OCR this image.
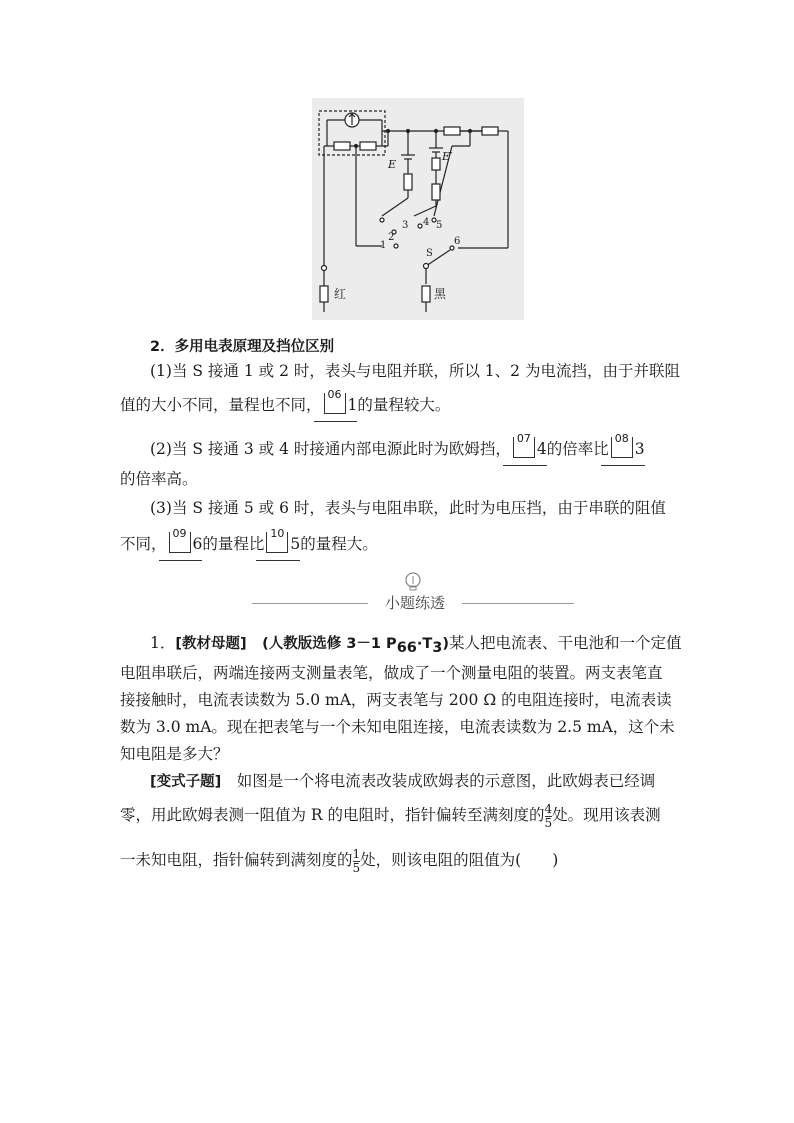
E
E′
1
2
3 4 5
6
S
红	黑
2．多用电表原理及挡位区别
(1)当 S 接通 1 或 2 时，表头与电阻并联，所以 1、2 为电流挡，由于并联阻
值的大小不同，量程也不同，
06
1的量程较大。
(2)当 S 接通 3 或 4 时接通内部电源此时为欧姆挡，
07
4的倍率比
08
3
的倍率高。
(3)当 S 接通 5 或 6 时，表头与电阻串联，此时为电压挡，由于串联的阻值
不同，
09
6的量程比
10
5的量程大。
小题练透
1．[教材母题]　 (人教版选修 3－1 $P_{66}\cdot T_3$)某人把电流表、干电池和一个定值
电阻串联后，两端连接两支测量表笔，做成了一个测量电阻的装置。两支表笔直
接接触时，电流表读数为 5.0 mA，两支表笔与 200 Ω 的电阻连接时，电流表读
数为 3.0 mA。现在把表笔与一个未知电阻连接，电流表读数为 2.5 mA，这个未
知电阻是多大？
[变式子题]　 如图是一个将电流表改装成欧姆表的示意图，此欧姆表已经调
零，用此欧姆表测一阻值为 R 的电阻时，指针偏转至满刻度的 $\frac{4}{5}$ 处。现用该表测
一未知电阻，指针偏转到满刻度的 $\frac{1}{5}$ 处，则该电阻的阻值为(　　)
